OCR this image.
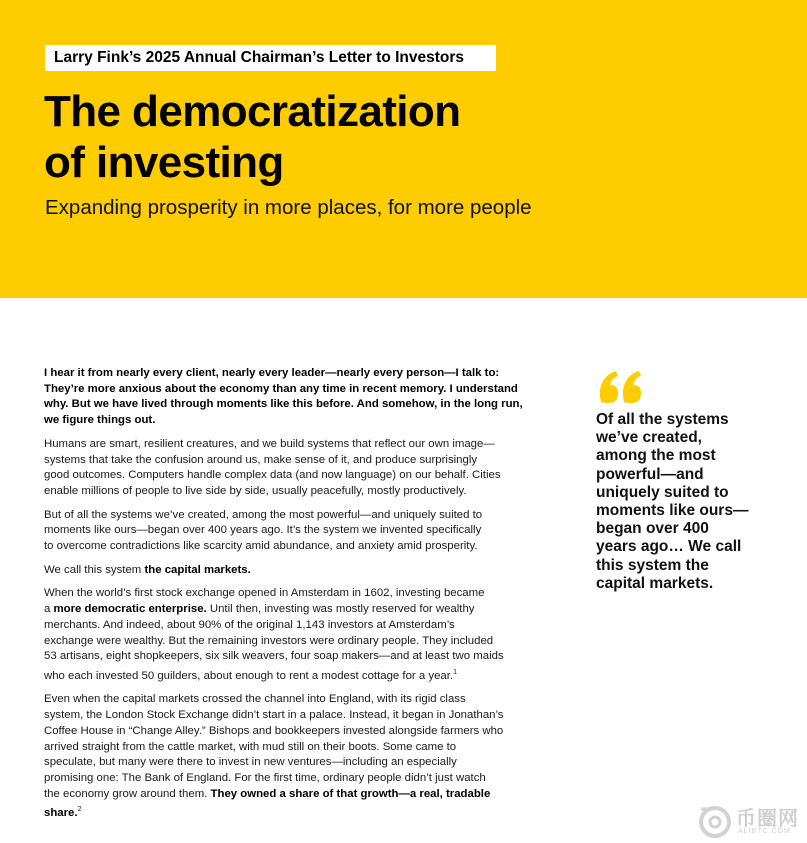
Larry Fink’s 2025 Annual Chairman’s Letter to Investors
The democratization
of investing

Expanding prosperity in more places, for more people

I hear it from nearly every client, nearly every leader—nearly every person—I talk to:
They’re more anxious about the economy than any time in recent memory. I understand
why. But we have lived through moments like this before. And somehow, in the long run,
we figure things out.

Humans are smart, resilient creatures, and we build systems that reflect our own image—
systems that take the confusion around us, make sense of it, and produce surprisingly
good outcomes. Computers handle complex data (and now language) on our behalf. Cities
enable millions of people to live side by side, usually peacefully, mostly productively.

But of all the systems we’ve created, among the most powerful—and uniquely suited to
moments like ours—began over 400 years ago. It’s the system we invented specifically
to overcome contradictions like scarcity amid abundance, and anxiety amid prosperity.

We call this system the capital markets.

When the world’s first stock exchange opened in Amsterdam in 1602, investing became
a more democratic enterprise. Until then, investing was mostly reserved for wealthy
merchants. And indeed, about 90% of the original 1,143 investors at Amsterdam’s
exchange were wealthy. But the remaining investors were ordinary people. They included
53 artisans, eight shopkeepers, six silk weavers, four soap makers—and at least two maids
who each invested 50 guilders, about enough to rent a modest cottage for a year.$^1$

Even when the capital markets crossed the channel into England, with its rigid class
system, the London Stock Exchange didn’t start in a palace. Instead, it began in Jonathan’s
Coffee House in “Change Alley.” Bishops and bookkeepers invested alongside farmers who
arrived straight from the cattle market, with mud still on their boots. Some came to
speculate, but many were there to invest in new ventures—including an especially
promising one: The Bank of England. For the first time, ordinary people didn’t just watch
the economy grow around them. They owned a share of that growth—a real, tradable
share.$^2$

Of all the systems
we’ve created,
among the most
powerful—and
uniquely suited to
moments like ours—
began over 400
years ago… We call
this system the
capital markets.

币圈网
ALIBTC.COM
